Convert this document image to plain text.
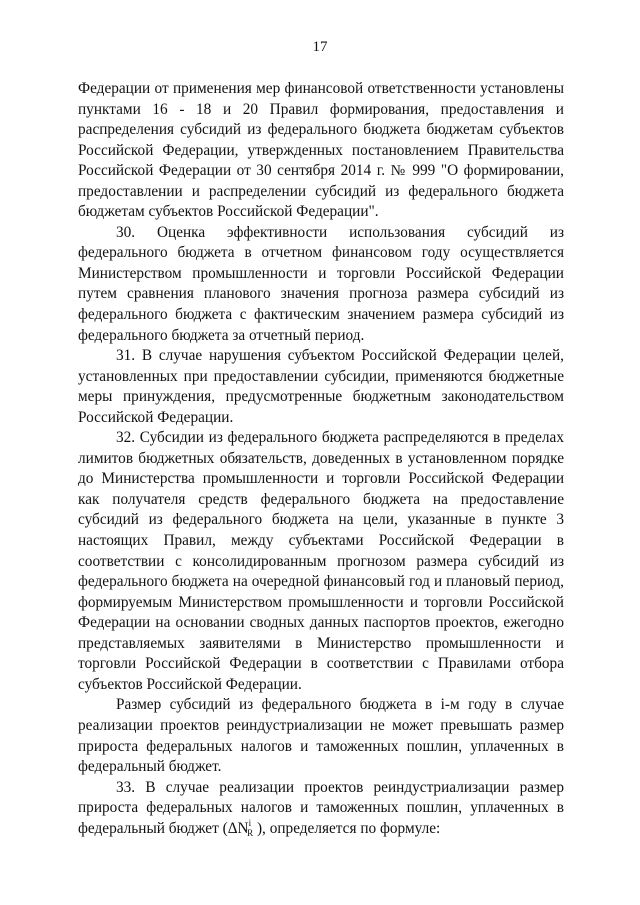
17

Федерации от применения мер финансовой ответственности установлены пунктами 16 - 18 и 20 Правил формирования, предоставления и распределения субсидий из федерального бюджета бюджетам субъектов Российской Федерации, утвержденных постановлением Правительства Российской Федерации от 30 сентября 2014 г. № 999 "О формировании, предоставлении и распределении субсидий из федерального бюджета бюджетам субъектов Российской Федерации".

30. Оценка эффективности использования субсидий из федерального бюджета в отчетном финансовом году осуществляется Министерством промышленности и торговли Российской Федерации путем сравнения планового значения прогноза размера субсидий из федерального бюджета с фактическим значением размера субсидий из федерального бюджета за отчетный период.

31. В случае нарушения субъектом Российской Федерации целей, установленных при предоставлении субсидии, применяются бюджетные меры принуждения, предусмотренные бюджетным законодательством Российской Федерации.

32. Субсидии из федерального бюджета распределяются в пределах лимитов бюджетных обязательств, доведенных в установленном порядке до Министерства промышленности и торговли Российской Федерации как получателя средств федерального бюджета на предоставление субсидий из федерального бюджета на цели, указанные в пункте 3 настоящих Правил, между субъектами Российской Федерации в соответствии с консолидированным прогнозом размера субсидий из федерального бюджета на очередной финансовый год и плановый период, формируемым Министерством промышленности и торговли Российской Федерации на основании сводных данных паспортов проектов, ежегодно представляемых заявителями в Министерство промышленности и торговли Российской Федерации в соответствии с Правилами отбора субъектов Российской Федерации.

Размер субсидий из федерального бюджета в i-м году в случае реализации проектов реиндустриализации не может превышать размер прироста федеральных налогов и таможенных пошлин, уплаченных в федеральный бюджет.

33. В случае реализации проектов реиндустриализации размер прироста федеральных налогов и таможенных пошлин, уплаченных в федеральный бюджет ($\Delta N^i_R$ ), определяется по формуле:
